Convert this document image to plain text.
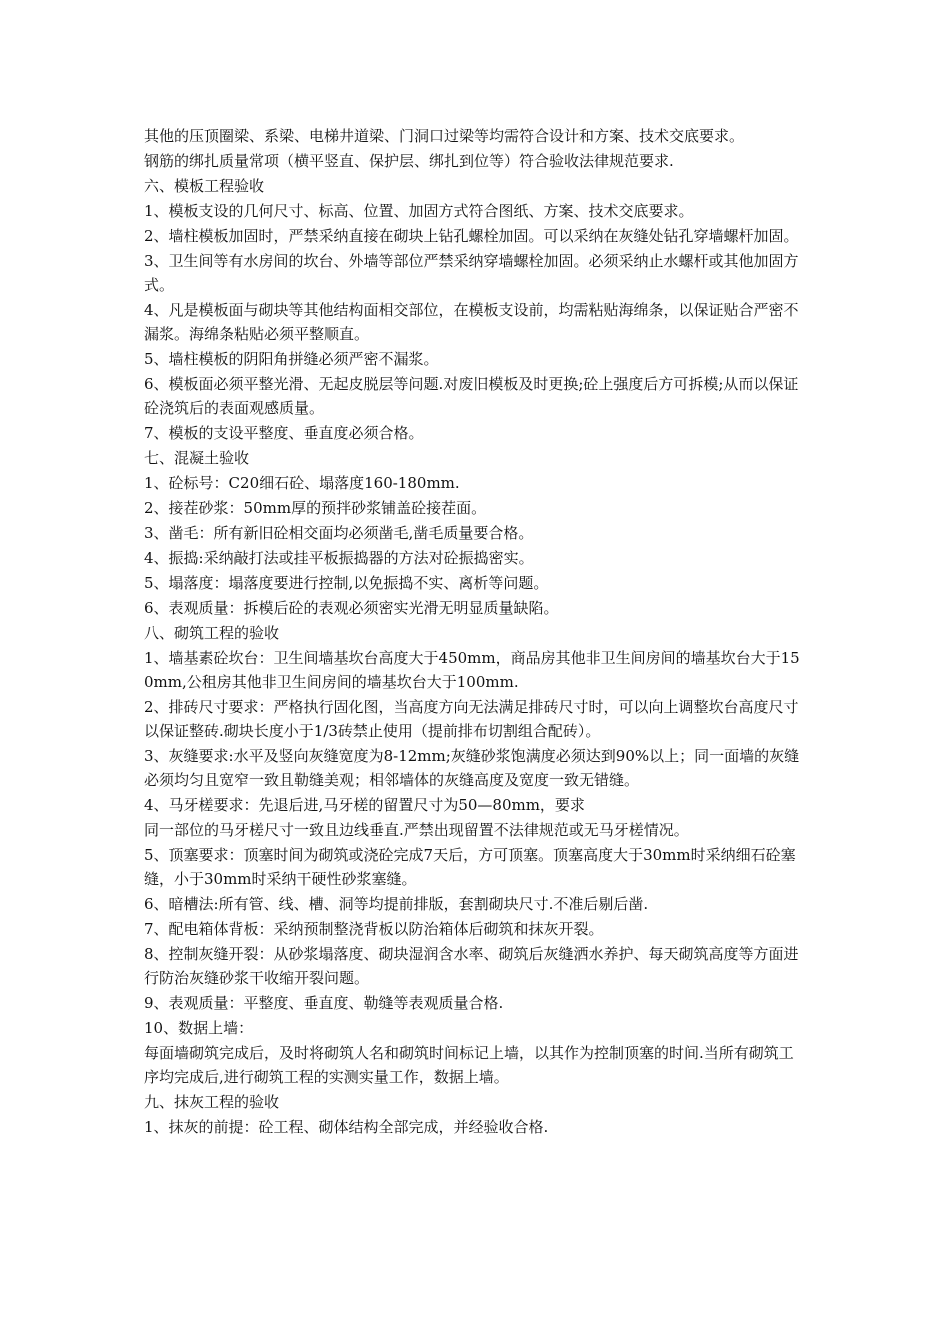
其他的压顶圈梁、系梁、电梯井道梁、门洞口过梁等均需符合设计和方案、技术交底要求。

钢筋的绑扎质量常项（横平竖直、保护层、绑扎到位等）符合验收法律规范要求.

六、模板工程验收

1、模板支设的几何尺寸、标高、位置、加固方式符合图纸、方案、技术交底要求。

2、墙柱模板加固时，严禁采纳直接在砌块上钻孔螺栓加固。可以采纳在灰缝处钻孔穿墙螺杆加固。

3、卫生间等有水房间的坎台、外墙等部位严禁采纳穿墙螺栓加固。必须采纳止水螺杆或其他加固方式。

4、凡是模板面与砌块等其他结构面相交部位，在模板支设前，均需粘贴海绵条，以保证贴合严密不漏浆。海绵条粘贴必须平整顺直。

5、墙柱模板的阴阳角拼缝必须严密不漏浆。

6、模板面必须平整光滑、无起皮脱层等问题.对废旧模板及时更换;砼上强度后方可拆模;从而以保证砼浇筑后的表面观感质量。

7、模板的支设平整度、垂直度必须合格。

七、混凝土验收

1、砼标号：C20细石砼、塌落度160-180mm.

2、接茬砂浆：50mm厚的预拌砂浆铺盖砼接茬面。

3、凿毛：所有新旧砼相交面均必须凿毛,凿毛质量要合格。

4、振捣:采纳敲打法或挂平板振捣器的方法对砼振捣密实。

5、塌落度：塌落度要进行控制,以免振捣不实、离析等问题。

6、表观质量：拆模后砼的表观必须密实光滑无明显质量缺陷。

八、砌筑工程的验收

1、墙基素砼坎台：卫生间墙基坎台高度大于450mm，商品房其他非卫生间房间的墙基坎台大于150mm,公租房其他非卫生间房间的墙基坎台大于100mm.

2、排砖尺寸要求：严格执行固化图，当高度方向无法满足排砖尺寸时，可以向上调整坎台高度尺寸以保证整砖.砌块长度小于1/3砖禁止使用（提前排布切割组合配砖）。

3、灰缝要求:水平及竖向灰缝宽度为8-12mm;灰缝砂浆饱满度必须达到90%以上；同一面墙的灰缝必须均匀且宽窄一致且勒缝美观；相邻墙体的灰缝高度及宽度一致无错缝。

4、马牙槎要求：先退后进,马牙槎的留置尺寸为50—80mm，要求

同一部位的马牙槎尺寸一致且边线垂直.严禁出现留置不法律规范或无马牙槎情况。

5、顶塞要求：顶塞时间为砌筑或浇砼完成7天后，方可顶塞。顶塞高度大于30mm时采纳细石砼塞缝，小于30mm时采纳干硬性砂浆塞缝。

6、暗槽法:所有管、线、槽、洞等均提前排版，套割砌块尺寸.不准后剔后凿.

7、配电箱体背板：采纳预制整浇背板以防治箱体后砌筑和抹灰开裂。

8、控制灰缝开裂：从砂浆塌落度、砌块湿润含水率、砌筑后灰缝洒水养护、每天砌筑高度等方面进行防治灰缝砂浆干收缩开裂问题。

9、表观质量：平整度、垂直度、勒缝等表观质量合格.

10、数据上墙：

每面墙砌筑完成后，及时将砌筑人名和砌筑时间标记上墙，以其作为控制顶塞的时间.当所有砌筑工序均完成后,进行砌筑工程的实测实量工作，数据上墙。

九、抹灰工程的验收

1、抹灰的前提：砼工程、砌体结构全部完成，并经验收合格.
